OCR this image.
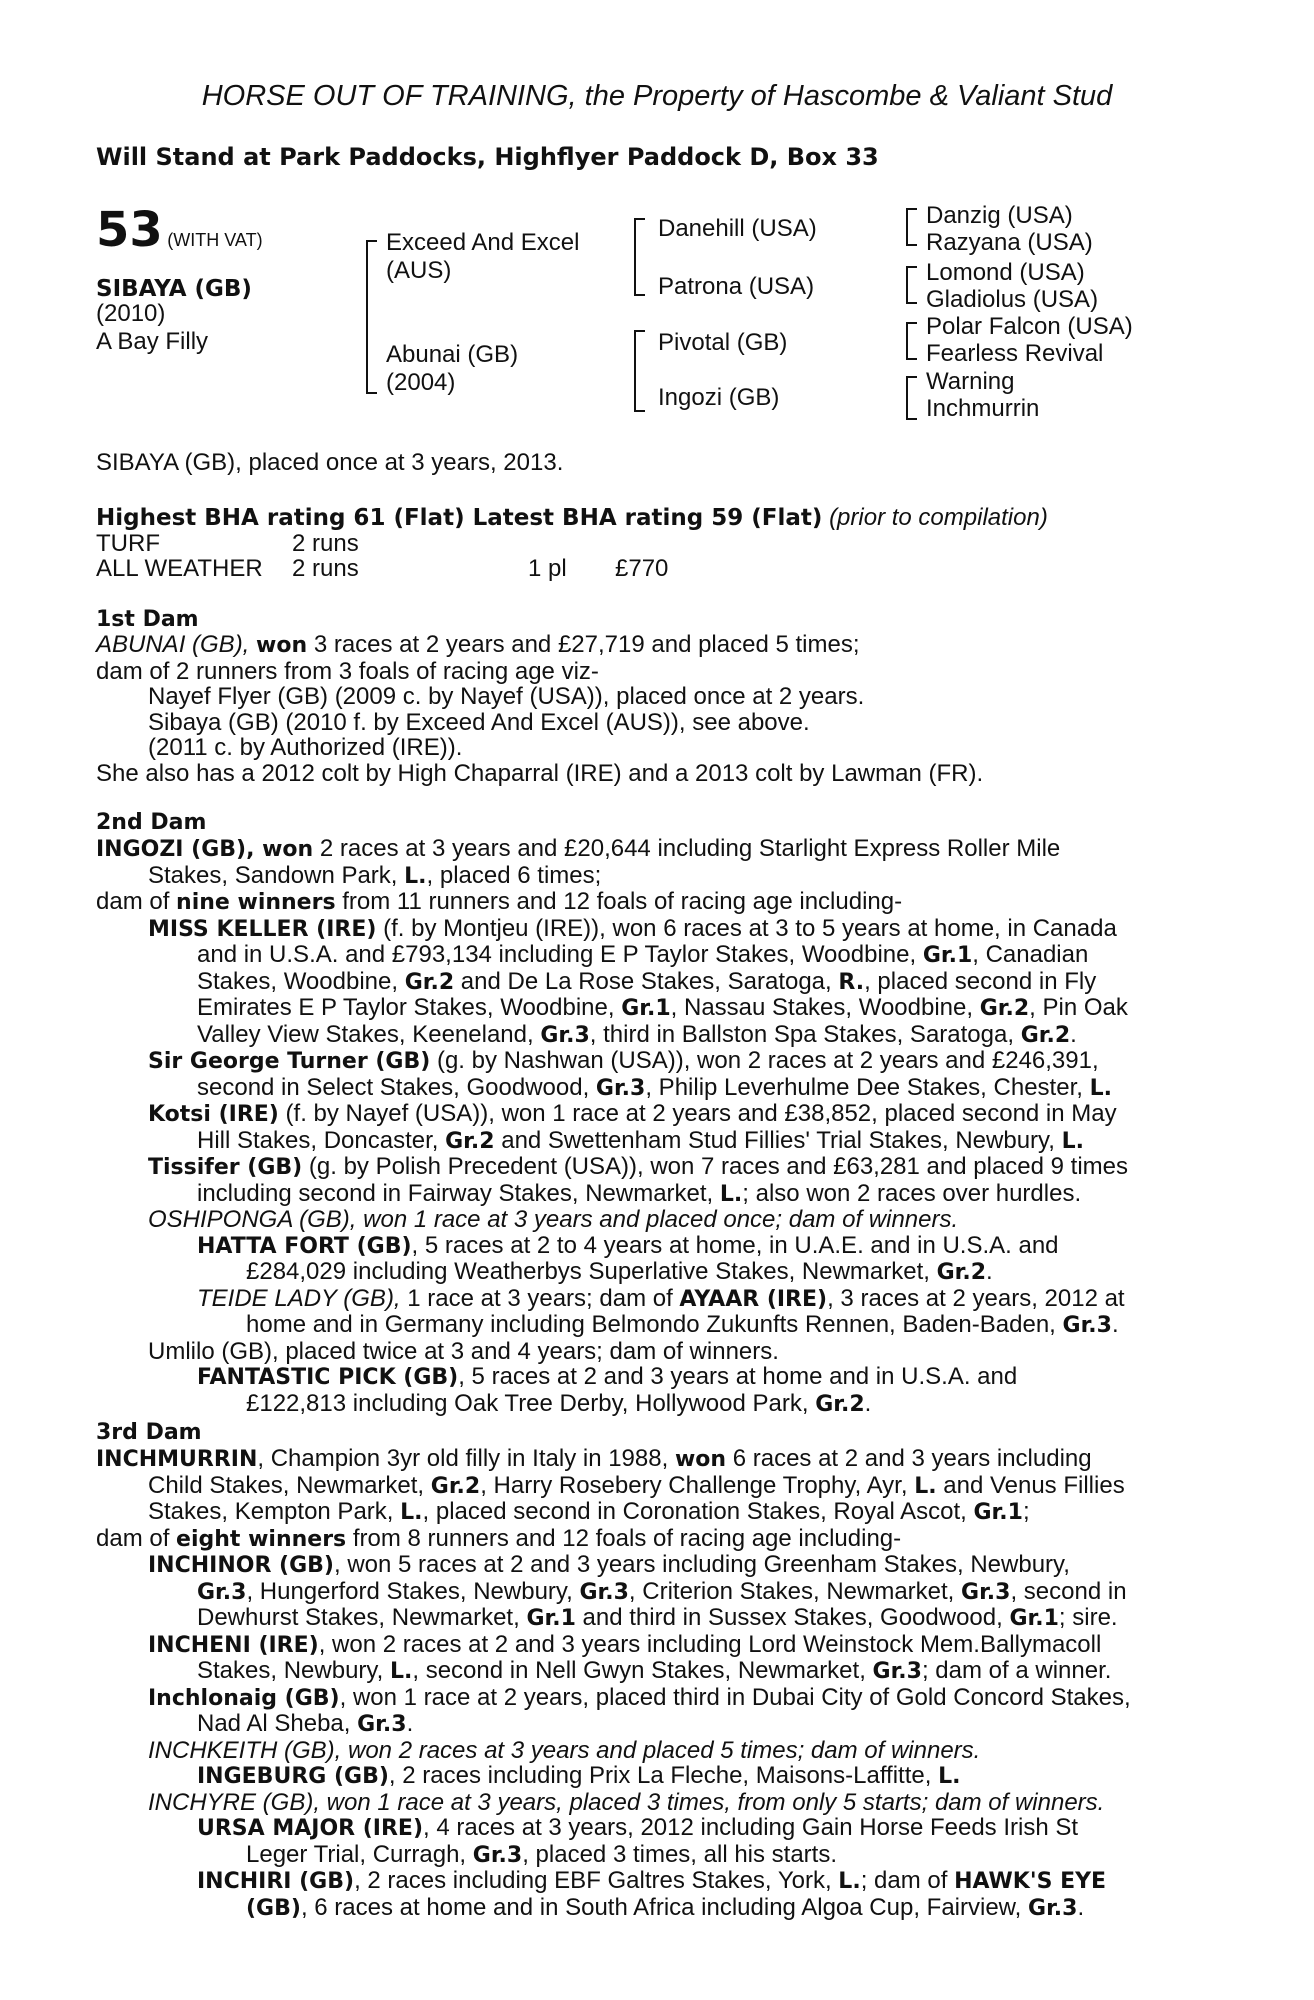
HORSE OUT OF TRAINING, the Property of Hascombe & Valiant Stud
Will Stand at Park Paddocks, Highflyer Paddock D, Box 33
53 (WITH VAT)
SIBAYA (GB)
(2010)
A Bay Filly
Exceed And Excel
(AUS)
Abunai (GB)
(2004)
Danehill (USA)
Patrona (USA)
Pivotal (GB)
Ingozi (GB)
Danzig (USA)
Razyana (USA)
Lomond (USA)
Gladiolus (USA)
Polar Falcon (USA)
Fearless Revival
Warning
Inchmurrin
SIBAYA (GB), placed once at 3 years, 2013.
Highest BHA rating 61 (Flat) Latest BHA rating 59 (Flat) (prior to compilation)
TURF	2 runs
ALL WEATHER 2 runs	1 pl £770
1st Dam
ABUNAI (GB), won 3 races at 2 years and £27,719 and placed 5 times;
dam of 2 runners from 3 foals of racing age viz-
Nayef Flyer (GB) (2009 c. by Nayef (USA)), placed once at 2 years.
Sibaya (GB) (2010 f. by Exceed And Excel (AUS)), see above.
(2011 c. by Authorized (IRE)).
She also has a 2012 colt by High Chaparral (IRE) and a 2013 colt by Lawman (FR).
2nd Dam
INGOZI (GB), won 2 races at 3 years and £20,644 including Starlight Express Roller Mile
Stakes, Sandown Park, L., placed 6 times;
dam of nine winners from 11 runners and 12 foals of racing age including-
MISS KELLER (IRE) (f. by Montjeu (IRE)), won 6 races at 3 to 5 years at home, in Canada
and in U.S.A. and £793,134 including E P Taylor Stakes, Woodbine, Gr.1, Canadian
Stakes, Woodbine, Gr.2 and De La Rose Stakes, Saratoga, R., placed second in Fly
Emirates E P Taylor Stakes, Woodbine, Gr.1, Nassau Stakes, Woodbine, Gr.2, Pin Oak
Valley View Stakes, Keeneland, Gr.3, third in Ballston Spa Stakes, Saratoga, Gr.2.
Sir George Turner (GB) (g. by Nashwan (USA)), won 2 races at 2 years and £246,391,
second in Select Stakes, Goodwood, Gr.3, Philip Leverhulme Dee Stakes, Chester, L.
Kotsi (IRE) (f. by Nayef (USA)), won 1 race at 2 years and £38,852, placed second in May
Hill Stakes, Doncaster, Gr.2 and Swettenham Stud Fillies' Trial Stakes, Newbury, L.
Tissifer (GB) (g. by Polish Precedent (USA)), won 7 races and £63,281 and placed 9 times
including second in Fairway Stakes, Newmarket, L.; also won 2 races over hurdles.
OSHIPONGA (GB), won 1 race at 3 years and placed once; dam of winners.
HATTA FORT (GB), 5 races at 2 to 4 years at home, in U.A.E. and in U.S.A. and
£284,029 including Weatherbys Superlative Stakes, Newmarket, Gr.2.
TEIDE LADY (GB), 1 race at 3 years; dam of AYAAR (IRE), 3 races at 2 years, 2012 at
home and in Germany including Belmondo Zukunfts Rennen, Baden-Baden, Gr.3.
Umlilo (GB), placed twice at 3 and 4 years; dam of winners.
FANTASTIC PICK (GB), 5 races at 2 and 3 years at home and in U.S.A. and
£122,813 including Oak Tree Derby, Hollywood Park, Gr.2.
3rd Dam
INCHMURRIN, Champion 3yr old filly in Italy in 1988, won 6 races at 2 and 3 years including
Child Stakes, Newmarket, Gr.2, Harry Rosebery Challenge Trophy, Ayr, L. and Venus Fillies
Stakes, Kempton Park, L., placed second in Coronation Stakes, Royal Ascot, Gr.1;
dam of eight winners from 8 runners and 12 foals of racing age including-
INCHINOR (GB), won 5 races at 2 and 3 years including Greenham Stakes, Newbury,
Gr.3, Hungerford Stakes, Newbury, Gr.3, Criterion Stakes, Newmarket, Gr.3, second in
Dewhurst Stakes, Newmarket, Gr.1 and third in Sussex Stakes, Goodwood, Gr.1; sire.
INCHENI (IRE), won 2 races at 2 and 3 years including Lord Weinstock Mem.Ballymacoll
Stakes, Newbury, L., second in Nell Gwyn Stakes, Newmarket, Gr.3; dam of a winner.
Inchlonaig (GB), won 1 race at 2 years, placed third in Dubai City of Gold Concord Stakes,
Nad Al Sheba, Gr.3.
INCHKEITH (GB), won 2 races at 3 years and placed 5 times; dam of winners.
INGEBURG (GB), 2 races including Prix La Fleche, Maisons-Laffitte, L.
INCHYRE (GB), won 1 race at 3 years, placed 3 times, from only 5 starts; dam of winners.
URSA MAJOR (IRE), 4 races at 3 years, 2012 including Gain Horse Feeds Irish St
Leger Trial, Curragh, Gr.3, placed 3 times, all his starts.
INCHIRI (GB), 2 races including EBF Galtres Stakes, York, L.; dam of HAWK'S EYE
(GB), 6 races at home and in South Africa including Algoa Cup, Fairview, Gr.3.
